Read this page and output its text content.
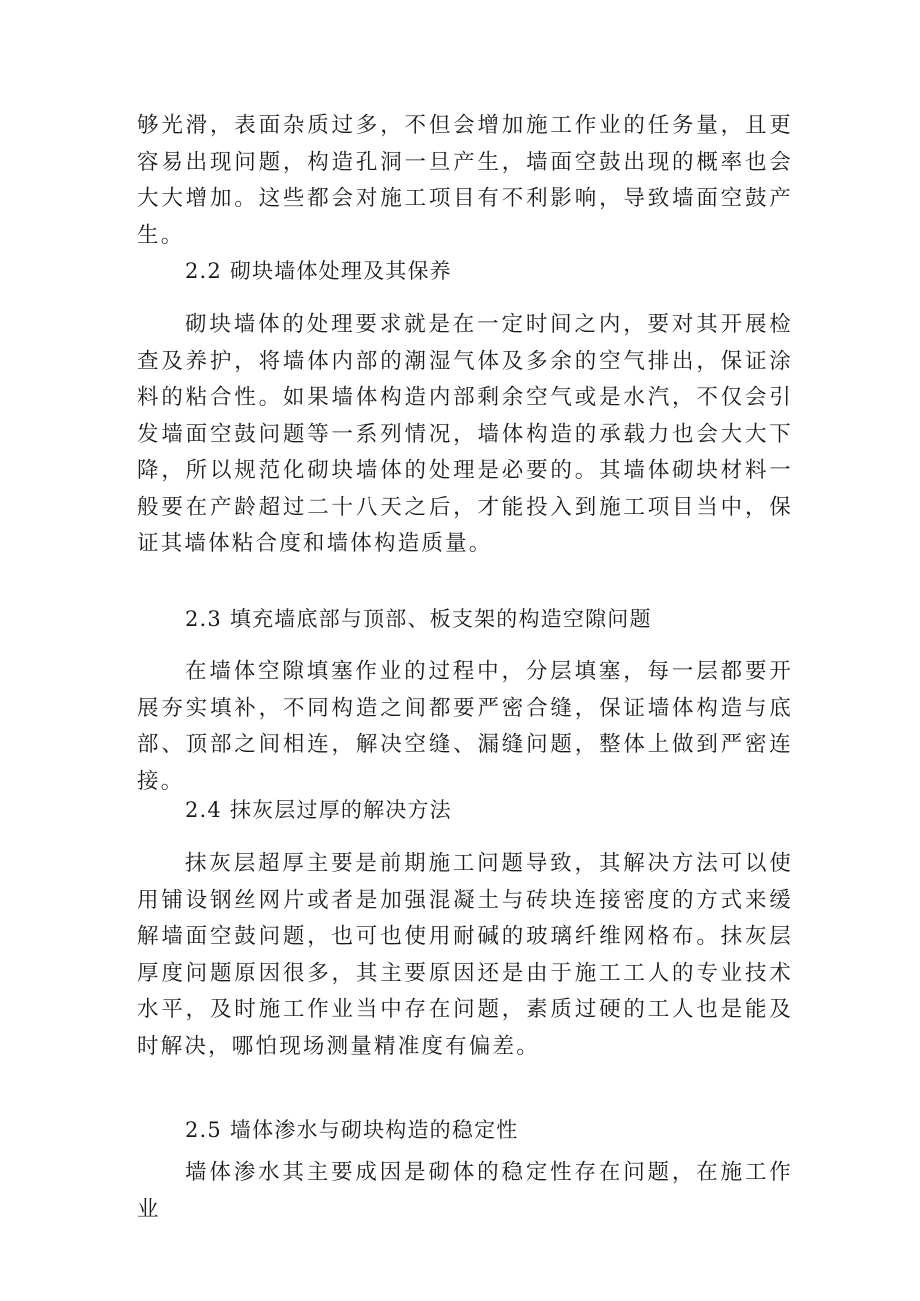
够光滑，表面杂质过多，不但会增加施工作业的任务量，且更容易出现问题，构造孔洞一旦产生，墙面空鼓出现的概率也会大大增加。这些都会对施工项目有不利影响，导致墙面空鼓产生。

2.2 砌块墙体处理及其保养

砌块墙体的处理要求就是在一定时间之内，要对其开展检查及养护，将墙体内部的潮湿气体及多余的空气排出，保证涂料的粘合性。如果墙体构造内部剩余空气或是水汽，不仅会引发墙面空鼓问题等一系列情况，墙体构造的承载力也会大大下降，所以规范化砌块墙体的处理是必要的。其墙体砌块材料一般要在产龄超过二十八天之后，才能投入到施工项目当中，保证其墙体粘合度和墙体构造质量。

2.3 填充墙底部与顶部、板支架的构造空隙问题

在墙体空隙填塞作业的过程中，分层填塞，每一层都要开展夯实填补，不同构造之间都要严密合缝，保证墙体构造与底部、顶部之间相连，解决空缝、漏缝问题，整体上做到严密连接。

2.4 抹灰层过厚的解决方法

抹灰层超厚主要是前期施工问题导致，其解决方法可以使用铺设钢丝网片或者是加强混凝土与砖块连接密度的方式来缓解墙面空鼓问题，也可也使用耐碱的玻璃纤维网格布。抹灰层厚度问题原因很多，其主要原因还是由于施工工人的专业技术水平，及时施工作业当中存在问题，素质过硬的工人也是能及时解决，哪怕现场测量精准度有偏差。

2.5 墙体渗水与砌块构造的稳定性

墙体渗水其主要成因是砌体的稳定性存在问题，在施工作业
